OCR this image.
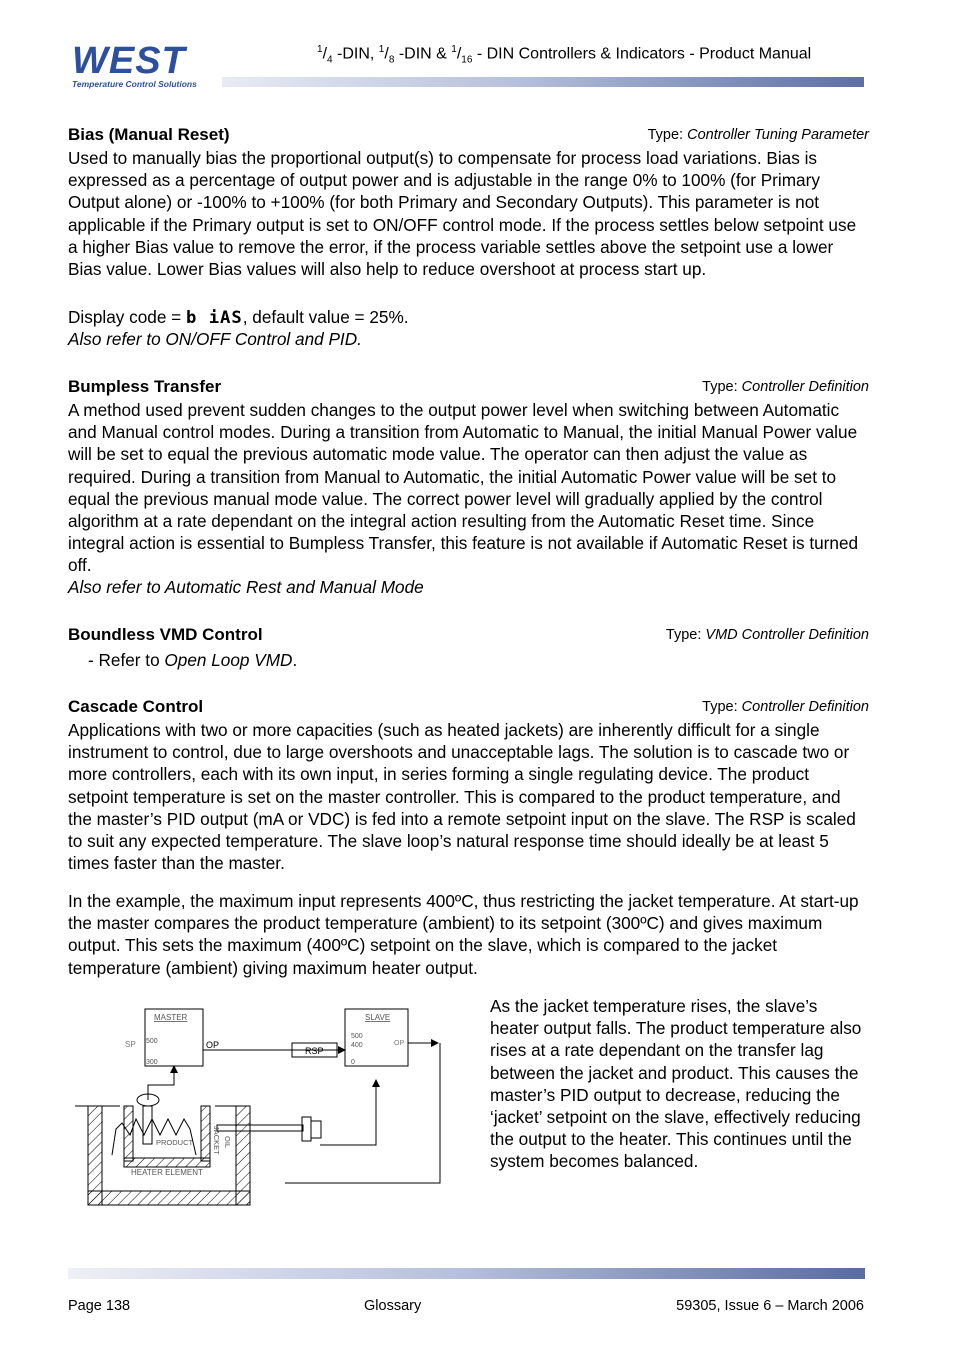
WEST
Temperature Control Solutions
$^1/_4$ -DIN, $^1/_8$ -DIN & $^1/_{16}$ - DIN Controllers & Indicators - Product Manual
Bias (Manual Reset)	Type: Controller Tuning Parameter
Used to manually bias the proportional output(s) to compensate for process load variations. Bias is expressed as a percentage of output power and is adjustable in the range 0% to 100% (for Primary Output alone) or -100% to +100% (for both Primary and Secondary Outputs). This parameter is not applicable if the Primary output is set to ON/OFF control mode. If the process settles below setpoint use a higher Bias value to remove the error, if the process variable settles above the setpoint use a lower Bias value. Lower Bias values will also help to reduce overshoot at process start up.
Display code = b iAS, default value = 25%.
Also refer to ON/OFF Control and PID.
Bumpless Transfer	Type: Controller Definition
A method used prevent sudden changes to the output power level when switching between Automatic and Manual control modes. During a transition from Automatic to Manual, the initial Manual Power value will be set to equal the previous automatic mode value. The operator can then adjust the value as required. During a transition from Manual to Automatic, the initial Automatic Power value will be set to equal the previous manual mode value. The correct power level will gradually applied by the control algorithm at a rate dependant on the integral action resulting from the Automatic Reset time. Since integral action is essential to Bumpless Transfer, this feature is not available if Automatic Reset is turned off.
Also refer to Automatic Rest and Manual Mode
Boundless VMD Control	Type: VMD Controller Definition
- Refer to Open Loop VMD.
Cascade Control	Type: Controller Definition
Applications with two or more capacities (such as heated jackets) are inherently difficult for a single instrument to control, due to large overshoots and unacceptable lags. The solution is to cascade two or more controllers, each with its own input, in series forming a single regulating device. The product setpoint temperature is set on the master controller. This is compared to the product temperature, and the master’s PID output (mA or VDC) is fed into a remote setpoint input on the slave. The RSP is scaled to suit any expected temperature. The slave loop’s natural response time should ideally be at least 5 times faster than the master.
In the example, the maximum input represents 400ºC, thus restricting the jacket temperature. At start-up the master compares the product temperature (ambient) to its setpoint (300ºC) and gives maximum output. This sets the maximum (400ºC) setpoint on the slave, which is compared to the jacket temperature (ambient) giving maximum heater output.
As the jacket temperature rises, the slave’s heater output falls. The product temperature also rises at a rate dependant on the transfer lag between the jacket and product. This causes the master’s PID output to decrease, reducing the ‘jacket’ setpoint on the slave, effectively reducing the output to the heater. This continues until the system becomes balanced.
MASTER
500
300
SP	OP
SLAVE
500
400
0
OP
RSP
PRODUCT
HEATER ELEMENT
JACKET OIL
Page 138	Glossary	59305, Issue 6 – March 2006
